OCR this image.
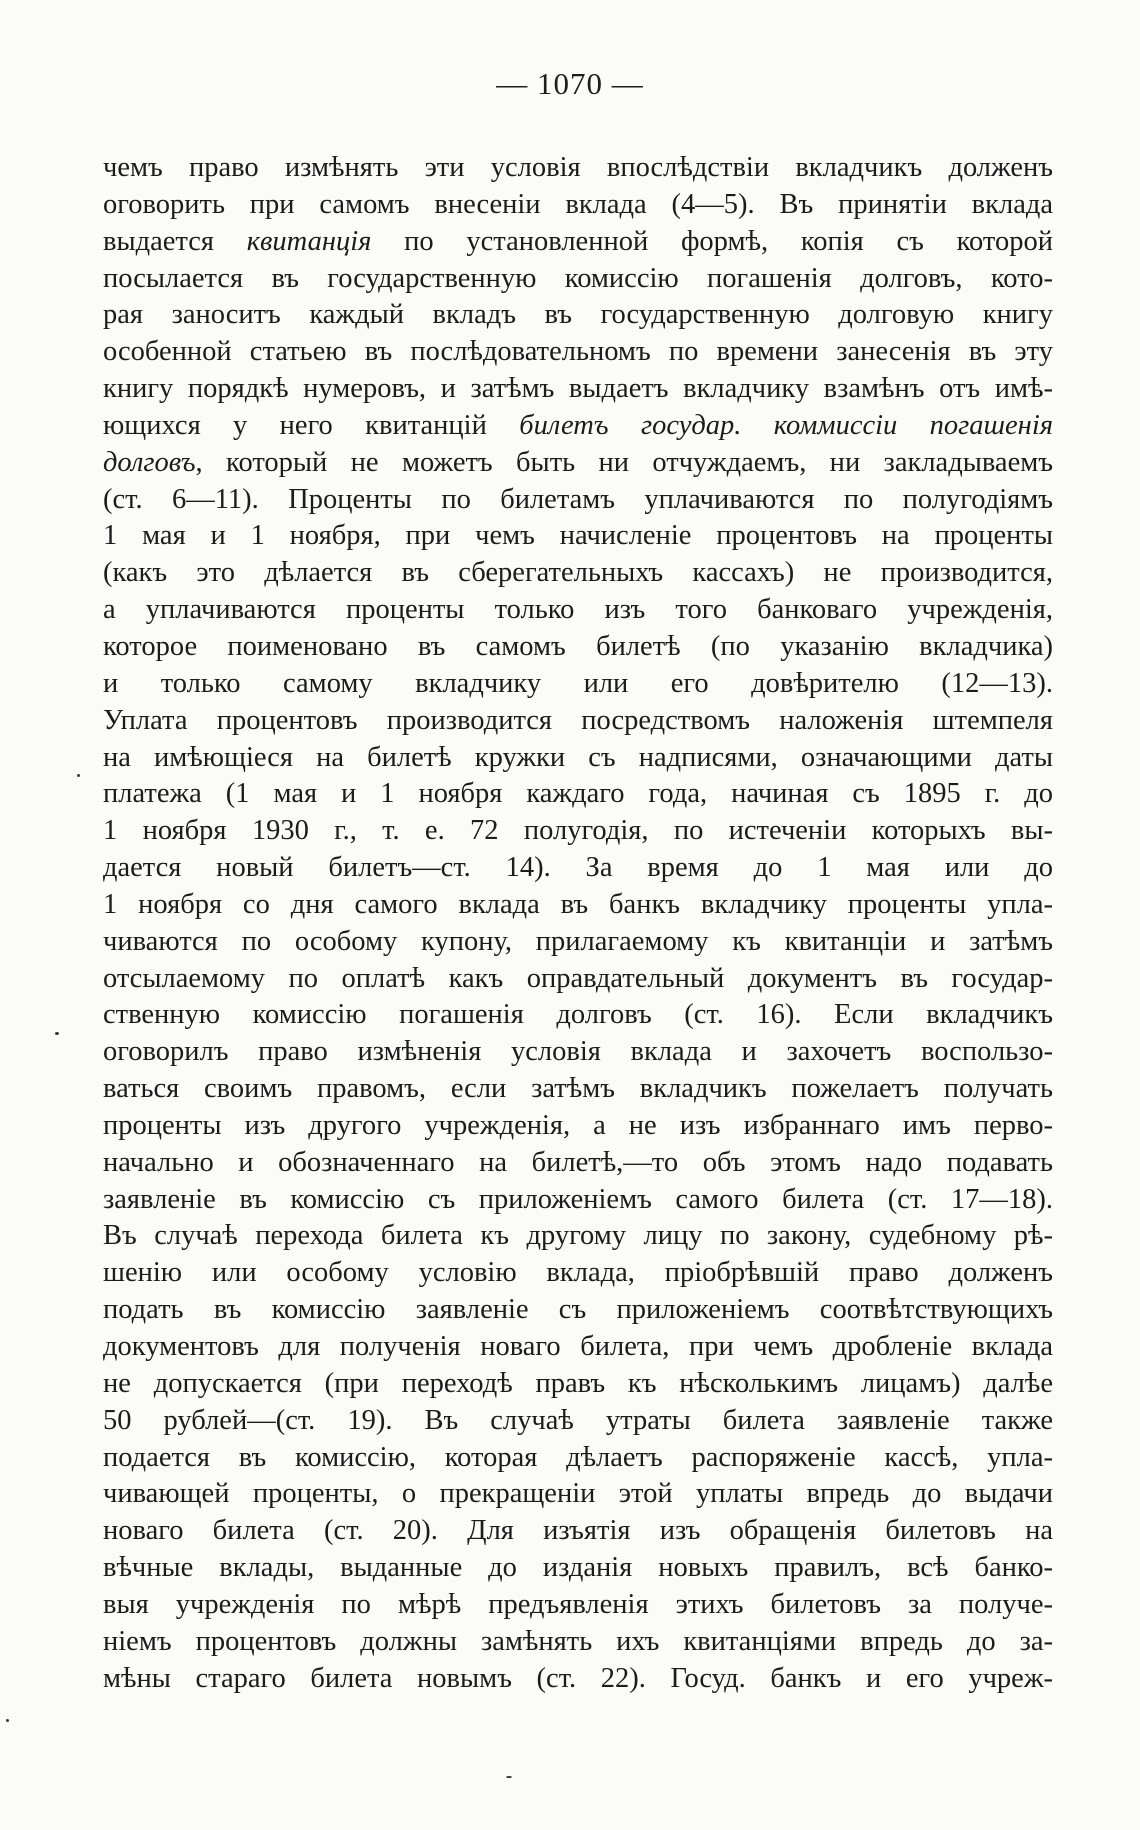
— 1070 —
чемъ право измѣнять эти условія впослѣдствіи вкладчикъ долженъ
оговорить при самомъ внесеніи вклада (4—5). Въ принятіи вклада
выдается квитанція по установленной формѣ, копія съ которой
посылается въ государственную комиссію погашенія долговъ, кото-
рая заноситъ каждый вкладъ въ государственную долговую книгу
особенной статьею въ послѣдовательномъ по времени занесенія въ эту
книгу порядкѣ нумеровъ, и затѣмъ выдаетъ вкладчику взамѣнъ отъ имѣ-
ющихся у него квитанцій билетъ государ. коммиссіи погашенія
долговъ, который не можетъ быть ни отчуждаемъ, ни закладываемъ
(ст. 6—11). Проценты по билетамъ уплачиваются по полугодіямъ
1 мая и 1 ноября, при чемъ начисленіе процентовъ на проценты
(какъ это дѣлается въ сберегательныхъ кассахъ) не производится,
а уплачиваются проценты только изъ того банковаго учрежденія,
которое поименовано въ самомъ билетѣ (по указанію вкладчика)
и только самому вкладчику или его довѣрителю (12—13).
Уплата процентовъ производится посредствомъ наложенія штемпеля
на имѣющіеся на билетѣ кружки съ надписями, означающими даты
платежа (1 мая и 1 ноября каждаго года, начиная съ 1895 г. до
1 ноября 1930 г., т. е. 72 полугодія, по истеченіи которыхъ вы-
дается новый билетъ—ст. 14). За время до 1 мая или до
1 ноября со дня самого вклада въ банкъ вкладчику проценты упла-
чиваются по особому купону, прилагаемому къ квитанціи и затѣмъ
отсылаемому по оплатѣ какъ оправдательный документъ въ государ-
ственную комиссію погашенія долговъ (ст. 16). Если вкладчикъ
оговорилъ право измѣненія условія вклада и захочетъ воспользо-
ваться своимъ правомъ, если затѣмъ вкладчикъ пожелаетъ получать
проценты изъ другого учрежденія, а не изъ избраннаго имъ перво-
начально и обозначеннаго на билетѣ,—то объ этомъ надо подавать
заявленіе въ комиссію съ приложеніемъ самого билета (ст. 17—18).
Въ случаѣ перехода билета къ другому лицу по закону, судебному рѣ-
шенію или особому условію вклада, пріобрѣвшій право долженъ
подать въ комиссію заявленіе съ приложеніемъ соотвѣтствующихъ
документовъ для полученія новаго билета, при чемъ дробленіе вклада
не допускается (при переходѣ правъ къ нѣсколькимъ лицамъ) далѣе
50 рублей—(ст. 19). Въ случаѣ утраты билета заявленіе также
подается въ комиссію, которая дѣлаетъ распоряженіе кассѣ, упла-
чивающей проценты, о прекращеніи этой уплаты впредь до выдачи
новаго билета (ст. 20). Для изъятія изъ обращенія билетовъ на
вѣчные вклады, выданные до изданія новыхъ правилъ, всѣ банко-
выя учрежденія по мѣрѣ предъявленія этихъ билетовъ за получе-
ніемъ процентовъ должны замѣнять ихъ квитанціями впредь до за-
мѣны стараго билета новымъ (ст. 22). Госуд. банкъ и его учреж-
